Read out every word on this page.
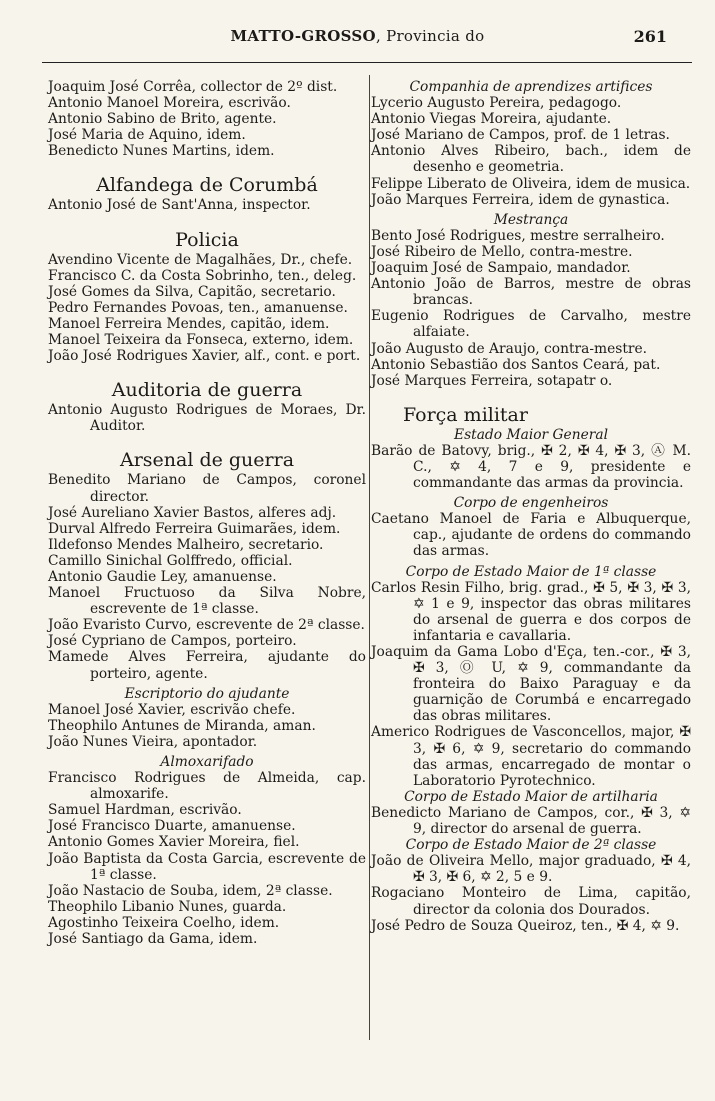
MATTO-GROSSO, Provincia do	261
Joaquim José Corrêa, collector de 2º dist.
Antonio Manoel Moreira, escrivão.
Antonio Sabino de Brito, agente.
José Maria de Aquino, idem.
Benedicto Nunes Martins, idem.
Alfandega de Corumbá
Antonio José de Sant'Anna, inspector.
Policia
Avendino Vicente de Magalhães, Dr., chefe.
Francisco C. da Costa Sobrinho, ten., deleg.
José Gomes da Silva, Capitão, secretario.
Pedro Fernandes Povoas, ten., amanuense.
Manoel Ferreira Mendes, capitão, idem.
Manoel Teixeira da Fonseca, externo, idem.
João José Rodrigues Xavier, alf., cont. e port.
Auditoria de guerra
Antonio Augusto Rodrigues de Moraes, Dr. Auditor.
Arsenal de guerra
Benedito Mariano de Campos, coronel director.
José Aureliano Xavier Bastos, alferes adj.
Durval Alfredo Ferreira Guimarães, idem.
Ildefonso Mendes Malheiro, secretario.
Camillo Sinichal Golffredo, official.
Antonio Gaudie Ley, amanuense.
Manoel Fructuoso da Silva Nobre, escrevente de 1ª classe.
João Evaristo Curvo, escrevente de 2ª classe.
José Cypriano de Campos, porteiro.
Mamede Alves Ferreira, ajudante do porteiro, agente.
Escriptorio do ajudante
Manoel José Xavier, escrivão chefe.
Theophilo Antunes de Miranda, aman.
João Nunes Vieira, apontador.
Almoxarifado
Francisco Rodrigues de Almeida, cap. almoxarife.
Samuel Hardman, escrivão.
José Francisco Duarte, amanuense.
Antonio Gomes Xavier Moreira, fiel.
João Baptista da Costa Garcia, escrevente de 1ª classe.
João Nastacio de Souba, idem, 2ª classe.
Theophilo Libanio Nunes, guarda.
Agostinho Teixeira Coelho, idem.
José Santiago da Gama, idem.
Companhia de aprendizes artifices
Lycerio Augusto Pereira, pedagogo.
Antonio Viegas Moreira, ajudante.
José Mariano de Campos, prof. de 1 letras.
Antonio Alves Ribeiro, bach., idem de desenho e geometria.
Felippe Liberato de Oliveira, idem de musica.
João Marques Ferreira, idem de gynastica.
Mestrança
Bento José Rodrigues, mestre serralheiro.
José Ribeiro de Mello, contra-mestre.
Joaquim José de Sampaio, mandador.
Antonio João de Barros, mestre de obras brancas.
Eugenio Rodrigues de Carvalho, mestre alfaiate.
João Augusto de Araujo, contra-mestre.
Antonio Sebastião dos Santos Ceará, pat.
José Marques Ferreira, sotapatr o.
Força militar
Estado Maior General
Barão de Batovy, brig., ✠ 2, ✠ 4, ✠ 3, Ⓐ M. C., ✡ 4, 7 e 9, presidente e commandante das armas da provincia.
Corpo de engenheiros
Caetano Manoel de Faria e Albuquerque, cap., ajudante de ordens do commando das armas.
Corpo de Estado Maior de 1ª classe
Carlos Resin Filho, brig. grad., ✠ 5, ✠ 3, ✠ 3, ✡ 1 e 9, inspector das obras militares do arsenal de guerra e dos corpos de infantaria e cavallaria.
Joaquim da Gama Lobo d'Eça, ten.-cor., ✠ 3, ✠ 3, Ⓞ U, ✡ 9, commandante da fronteira do Baixo Paraguay e da guarnição de Corumbá e encarregado das obras militares.
Americo Rodrigues de Vasconcellos, major, ✠ 3, ✠ 6, ✡ 9, secretario do commando das armas, encarregado de montar o Laboratorio Pyrotechnico.
Corpo de Estado Maior de artilharia
Benedicto Mariano de Campos, cor., ✠ 3, ✡ 9, director do arsenal de guerra.
Corpo de Estado Maior de 2ª classe
João de Oliveira Mello, major graduado, ✠ 4, ✠ 3, ✠ 6, ✡ 2, 5 e 9.
Rogaciano Monteiro de Lima, capitão, director da colonia dos Dourados.
José Pedro de Souza Queiroz, ten., ✠ 4, ✡ 9.
